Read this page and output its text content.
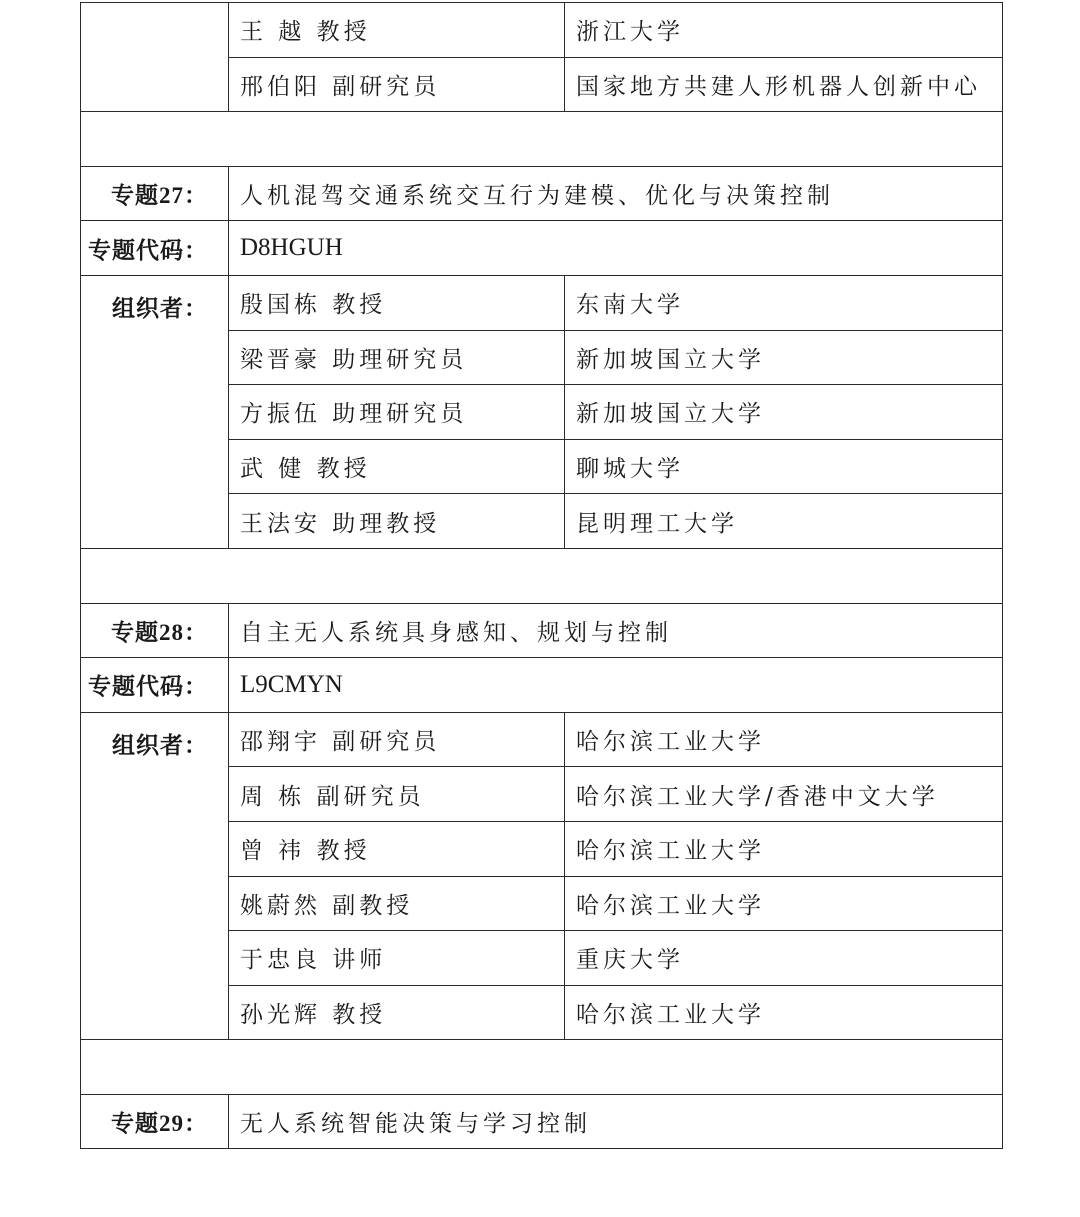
	王 越 教授	浙江大学
	邢伯阳 副研究员	国家地方共建人形机器人创新中心

专题27：	人机混驾交通系统交互行为建模、优化与决策控制	
专题代码：	D8HGUH	
组织者：	殷国栋 教授	东南大学
	梁晋豪 助理研究员	新加坡国立大学
	方振伍 助理研究员	新加坡国立大学
	武 健 教授	聊城大学
	王法安 助理教授	昆明理工大学

专题28：	自主无人系统具身感知、规划与控制	
专题代码：	L9CMYN	
组织者：	邵翔宇 副研究员	哈尔滨工业大学
	周 栋 副研究员	哈尔滨工业大学/香港中文大学
	曾 祎 教授	哈尔滨工业大学
	姚蔚然 副教授	哈尔滨工业大学
	于忠良 讲师	重庆大学
	孙光辉 教授	哈尔滨工业大学

专题29：	无人系统智能决策与学习控制	
